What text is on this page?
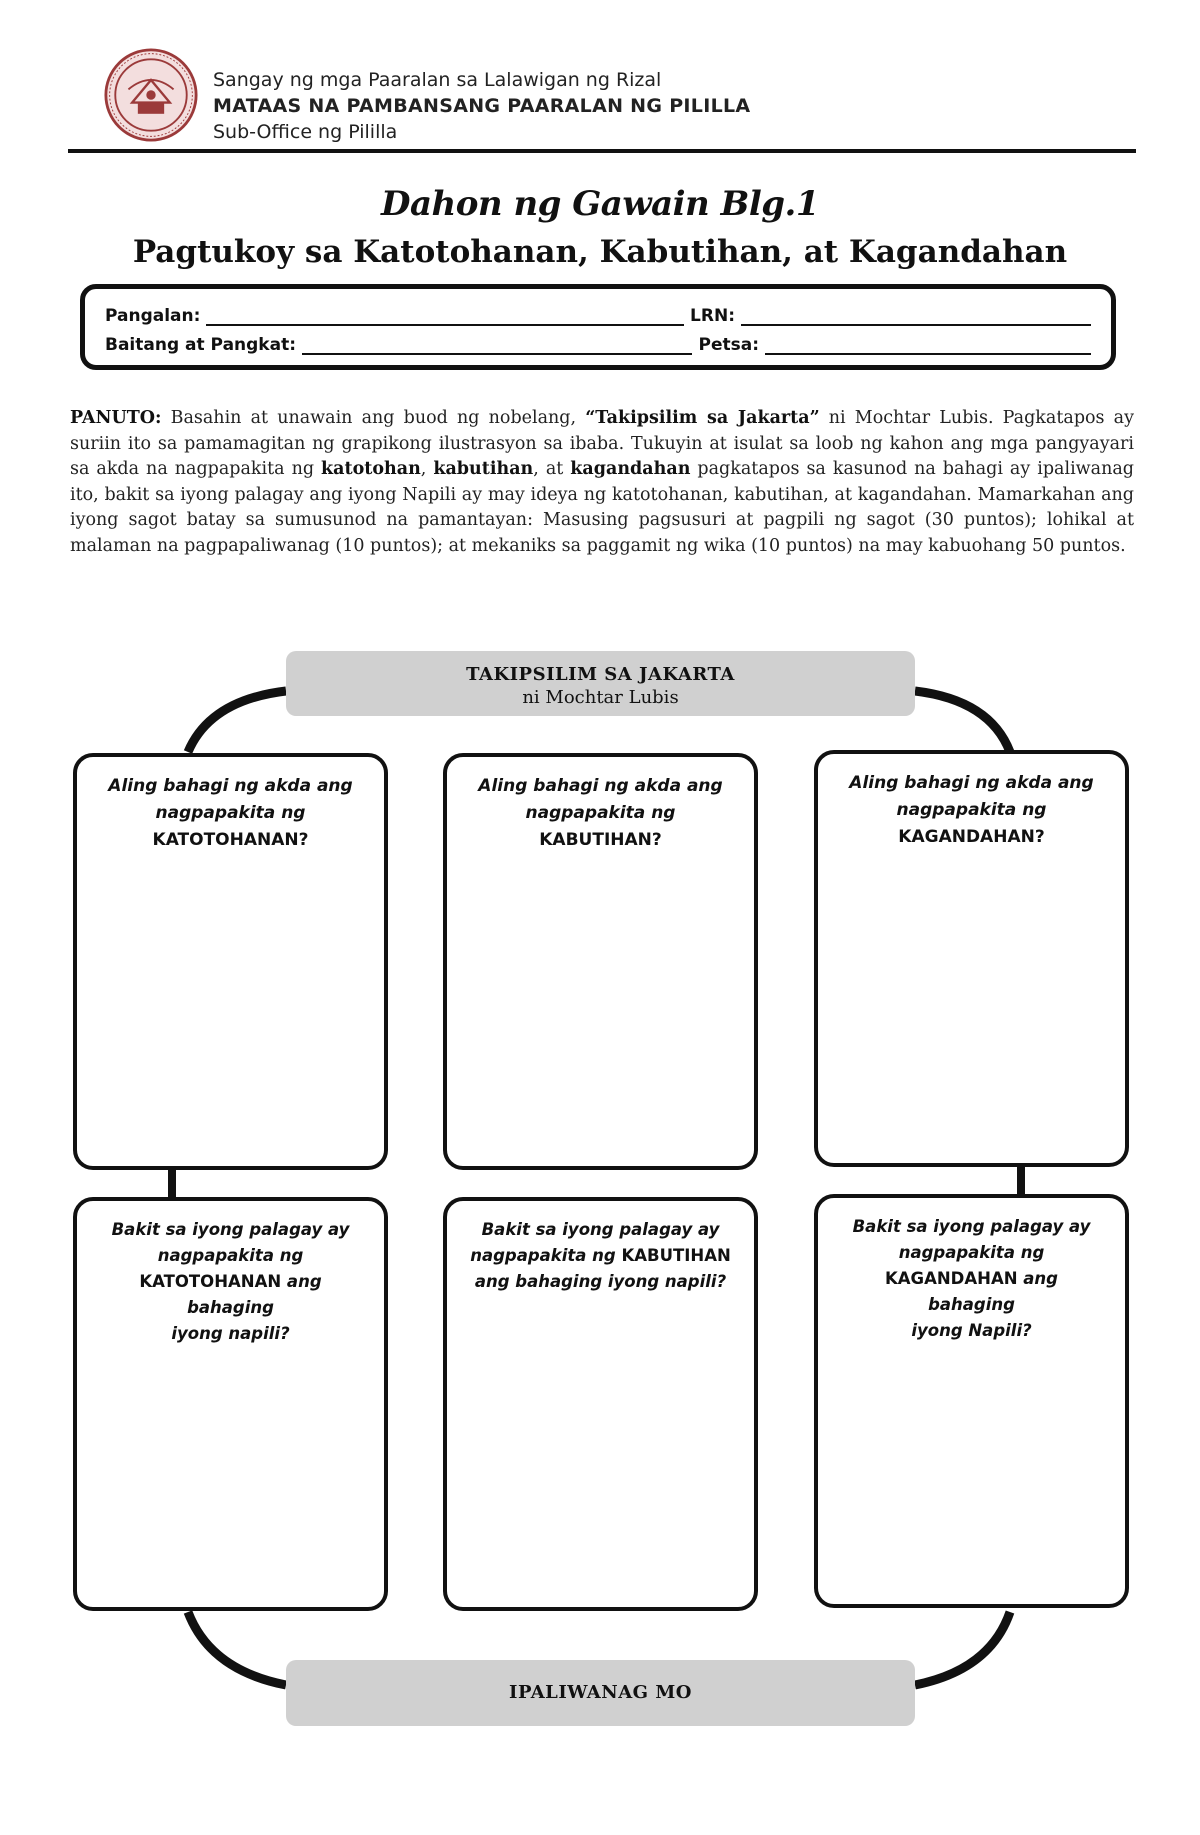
Sangay ng mga Paaralan sa Lalawigan ng Rizal
MATAAS NA PAMBANSANG PAARALAN NG PILILLA
Sub-Office ng Pililla
Dahon ng Gawain Blg.1
Pagtukoy sa Katotohanan, Kabutihan, at Kagandahan
Pangalan:	LRN:
Baitang at Pangkat:	Petsa:
PANUTO: Basahin at unawain ang buod ng nobelang, “Takipsilim sa Jakarta” ni Mochtar Lubis. Pagkatapos ay suriin ito sa pamamagitan ng grapikong ilustrasyon sa ibaba. Tukuyin at isulat sa loob ng kahon ang mga pangyayari sa akda na nagpapakita ng katotohan, kabutihan, at kagandahan pagkatapos sa kasunod na bahagi ay ipaliwanag ito, bakit sa iyong palagay ang iyong Napili ay may ideya ng katotohanan, kabutihan, at kagandahan. Mamarkahan ang iyong sagot batay sa sumusunod na pamantayan: Masusing pagsusuri at pagpili ng sagot (30 puntos); lohikal at malaman na pagpapaliwanag (10 puntos); at mekaniks sa paggamit ng wika (10 puntos) na may kabuohang 50 puntos.
TAKIPSILIM SA JAKARTA
ni Mochtar Lubis
IPALIWANAG MO
Aling bahagi ng akda ang
nagpapakita ng
KATOTOHANAN?
Aling bahagi ng akda ang
nagpapakita ng
KABUTIHAN?
Aling bahagi ng akda ang
nagpapakita ng
KAGANDAHAN?
Bakit sa iyong palagay ay
nagpapakita ng
KATOTOHANAN ang bahaging
iyong napili?
Bakit sa iyong palagay ay
nagpapakita ng KABUTIHAN
ang bahaging iyong napili?
Bakit sa iyong palagay ay
nagpapakita ng
KAGANDAHAN ang bahaging
iyong Napili?
